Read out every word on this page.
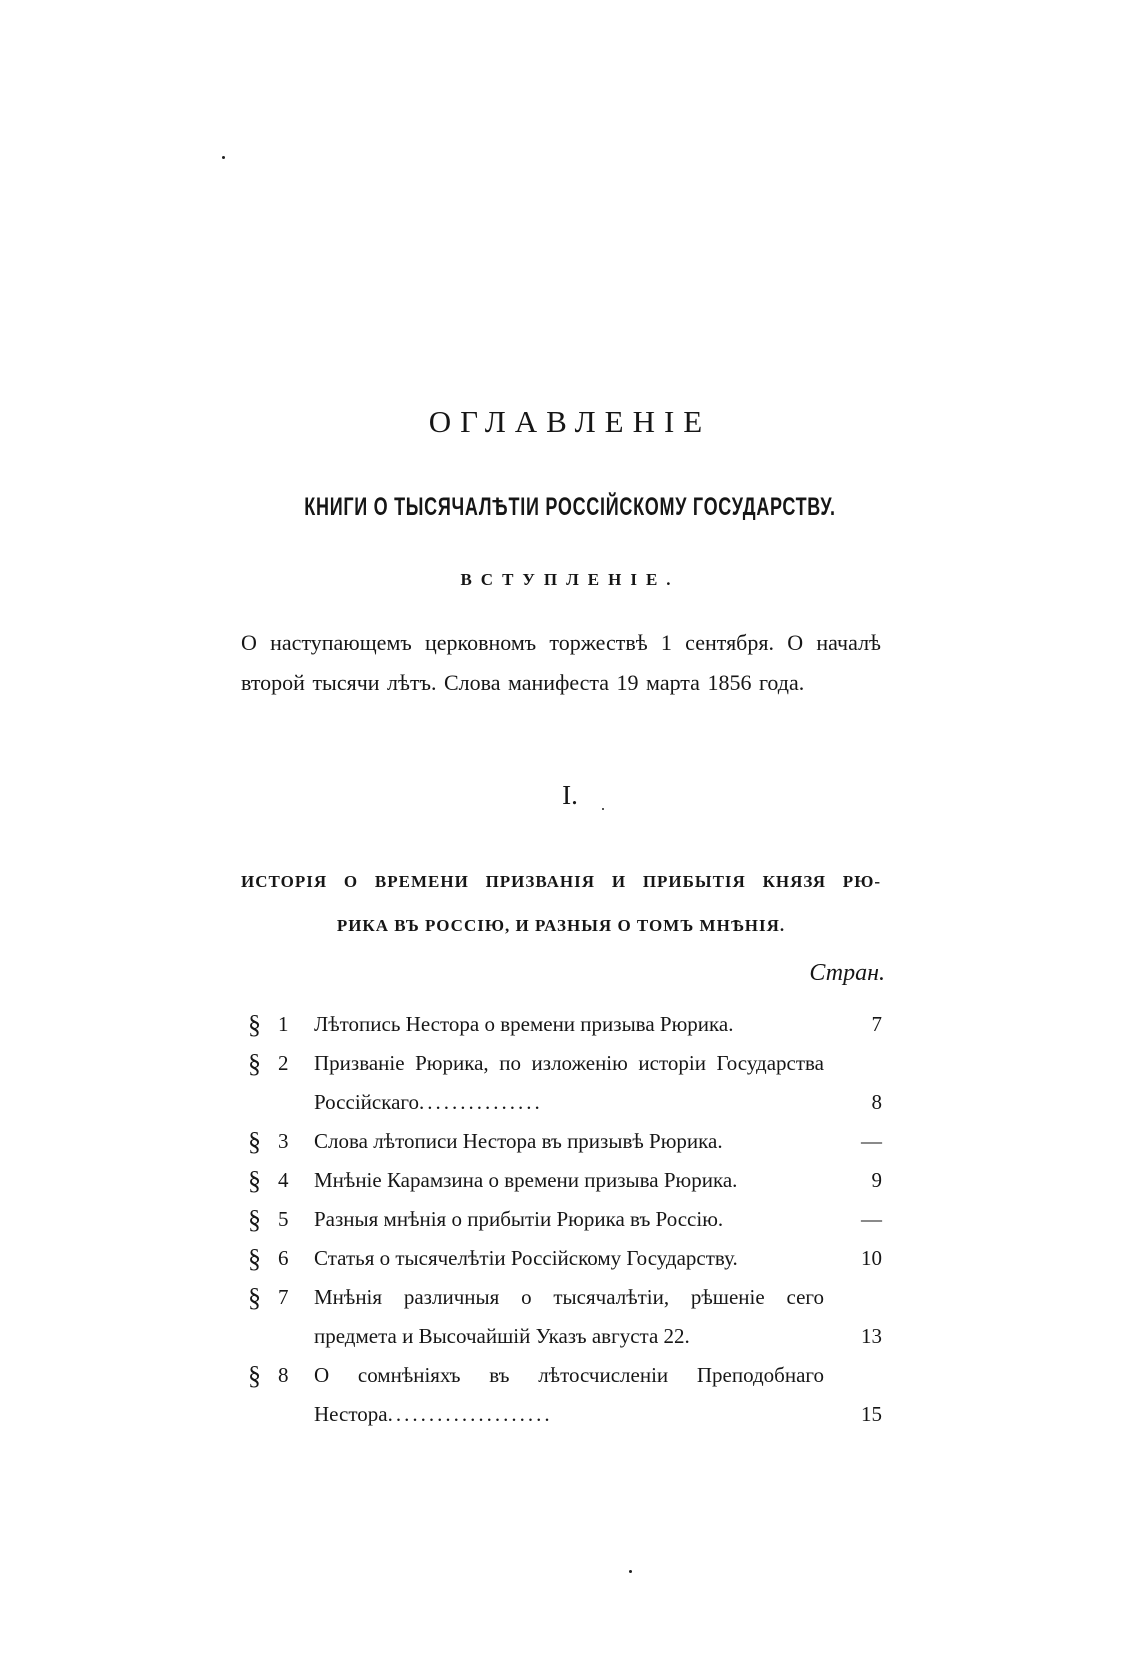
ОГЛАВЛЕНІЕ
КНИГИ О ТЫСЯЧАЛѢТІИ РОССІЙСКОМУ ГОСУДАРСТВУ.
ВСТУПЛЕНІЕ.
О наступающемъ церковномъ торжествѣ 1 сентября. О началѣ второй тысячи лѣтъ. Слова манифеста 19 марта 1856 года.
I.
ИСТОРІЯ О ВРЕМЕНИ ПРИЗВАНІЯ И ПРИБЫТІЯ КНЯЗЯ РЮ-
РИКА ВЪ РОССІЮ, И РАЗНЫЯ О ТОМЪ МНѢНІЯ.
Стран.
§ 1	Лѣтопись Нестора о времени призыва Рюрика.	7
§ 2	Призваніе Рюрика, по изложенію исторіи Государства Россійскаго...............	8
§ 3	Слова лѣтописи Нестора въ призывѣ Рюрика.	—
§ 4	Мнѣніе Карамзина о времени призыва Рюрика.	9
§ 5	Разныя мнѣнія о прибытіи Рюрика въ Россію.	—
§ 6	Статья о тысячелѣтіи Россійскому Государству.	10
§ 7	Мнѣнія различныя о тысячалѣтіи, рѣшеніе сего предмета и Высочайшій Указъ августа 22.	13
§ 8	О сомнѣніяхъ въ лѣтосчисленіи Преподобнаго Нестора....................	15
